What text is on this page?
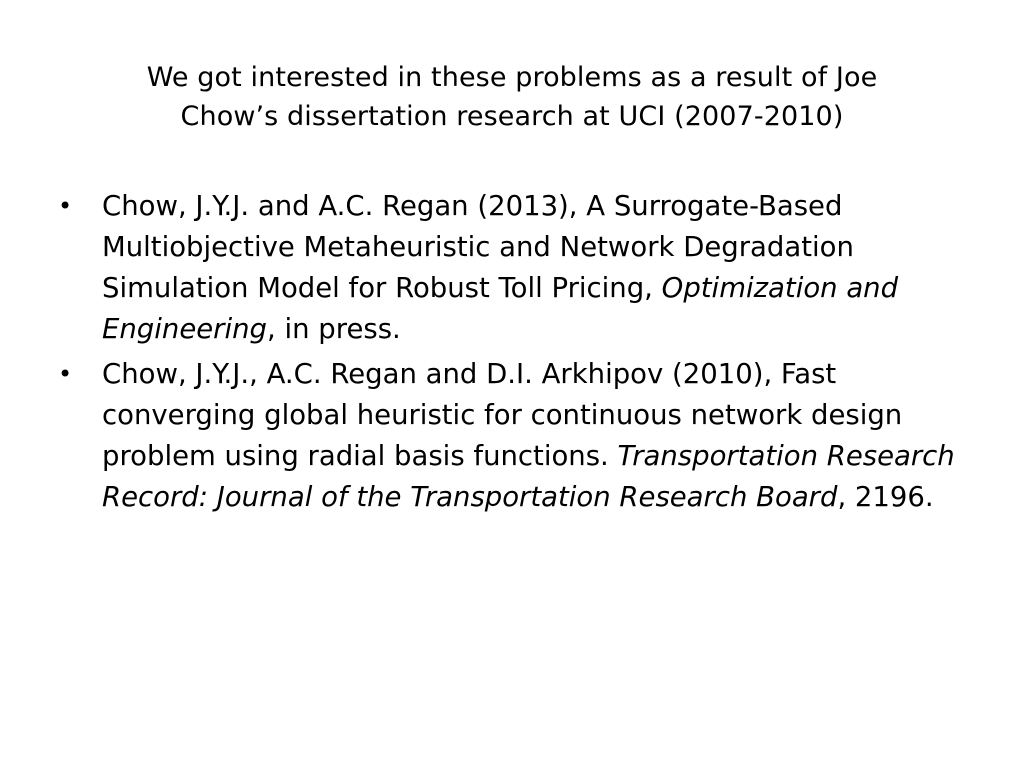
We got interested in these problems as a result of Joe
Chow’s dissertation research at UCI (2007-2010)
• Chow, J.Y.J. and A.C. Regan (2013), A Surrogate-Based Multiobjective Metaheuristic and Network Degradation Simulation Model for Robust Toll Pricing, Optimization and Engineering, in press.
• Chow, J.Y.J., A.C. Regan and D.I. Arkhipov (2010), Fast converging global heuristic for continuous network design problem using radial basis functions. Transportation Research Record: Journal of the Transportation Research Board, 2196.
